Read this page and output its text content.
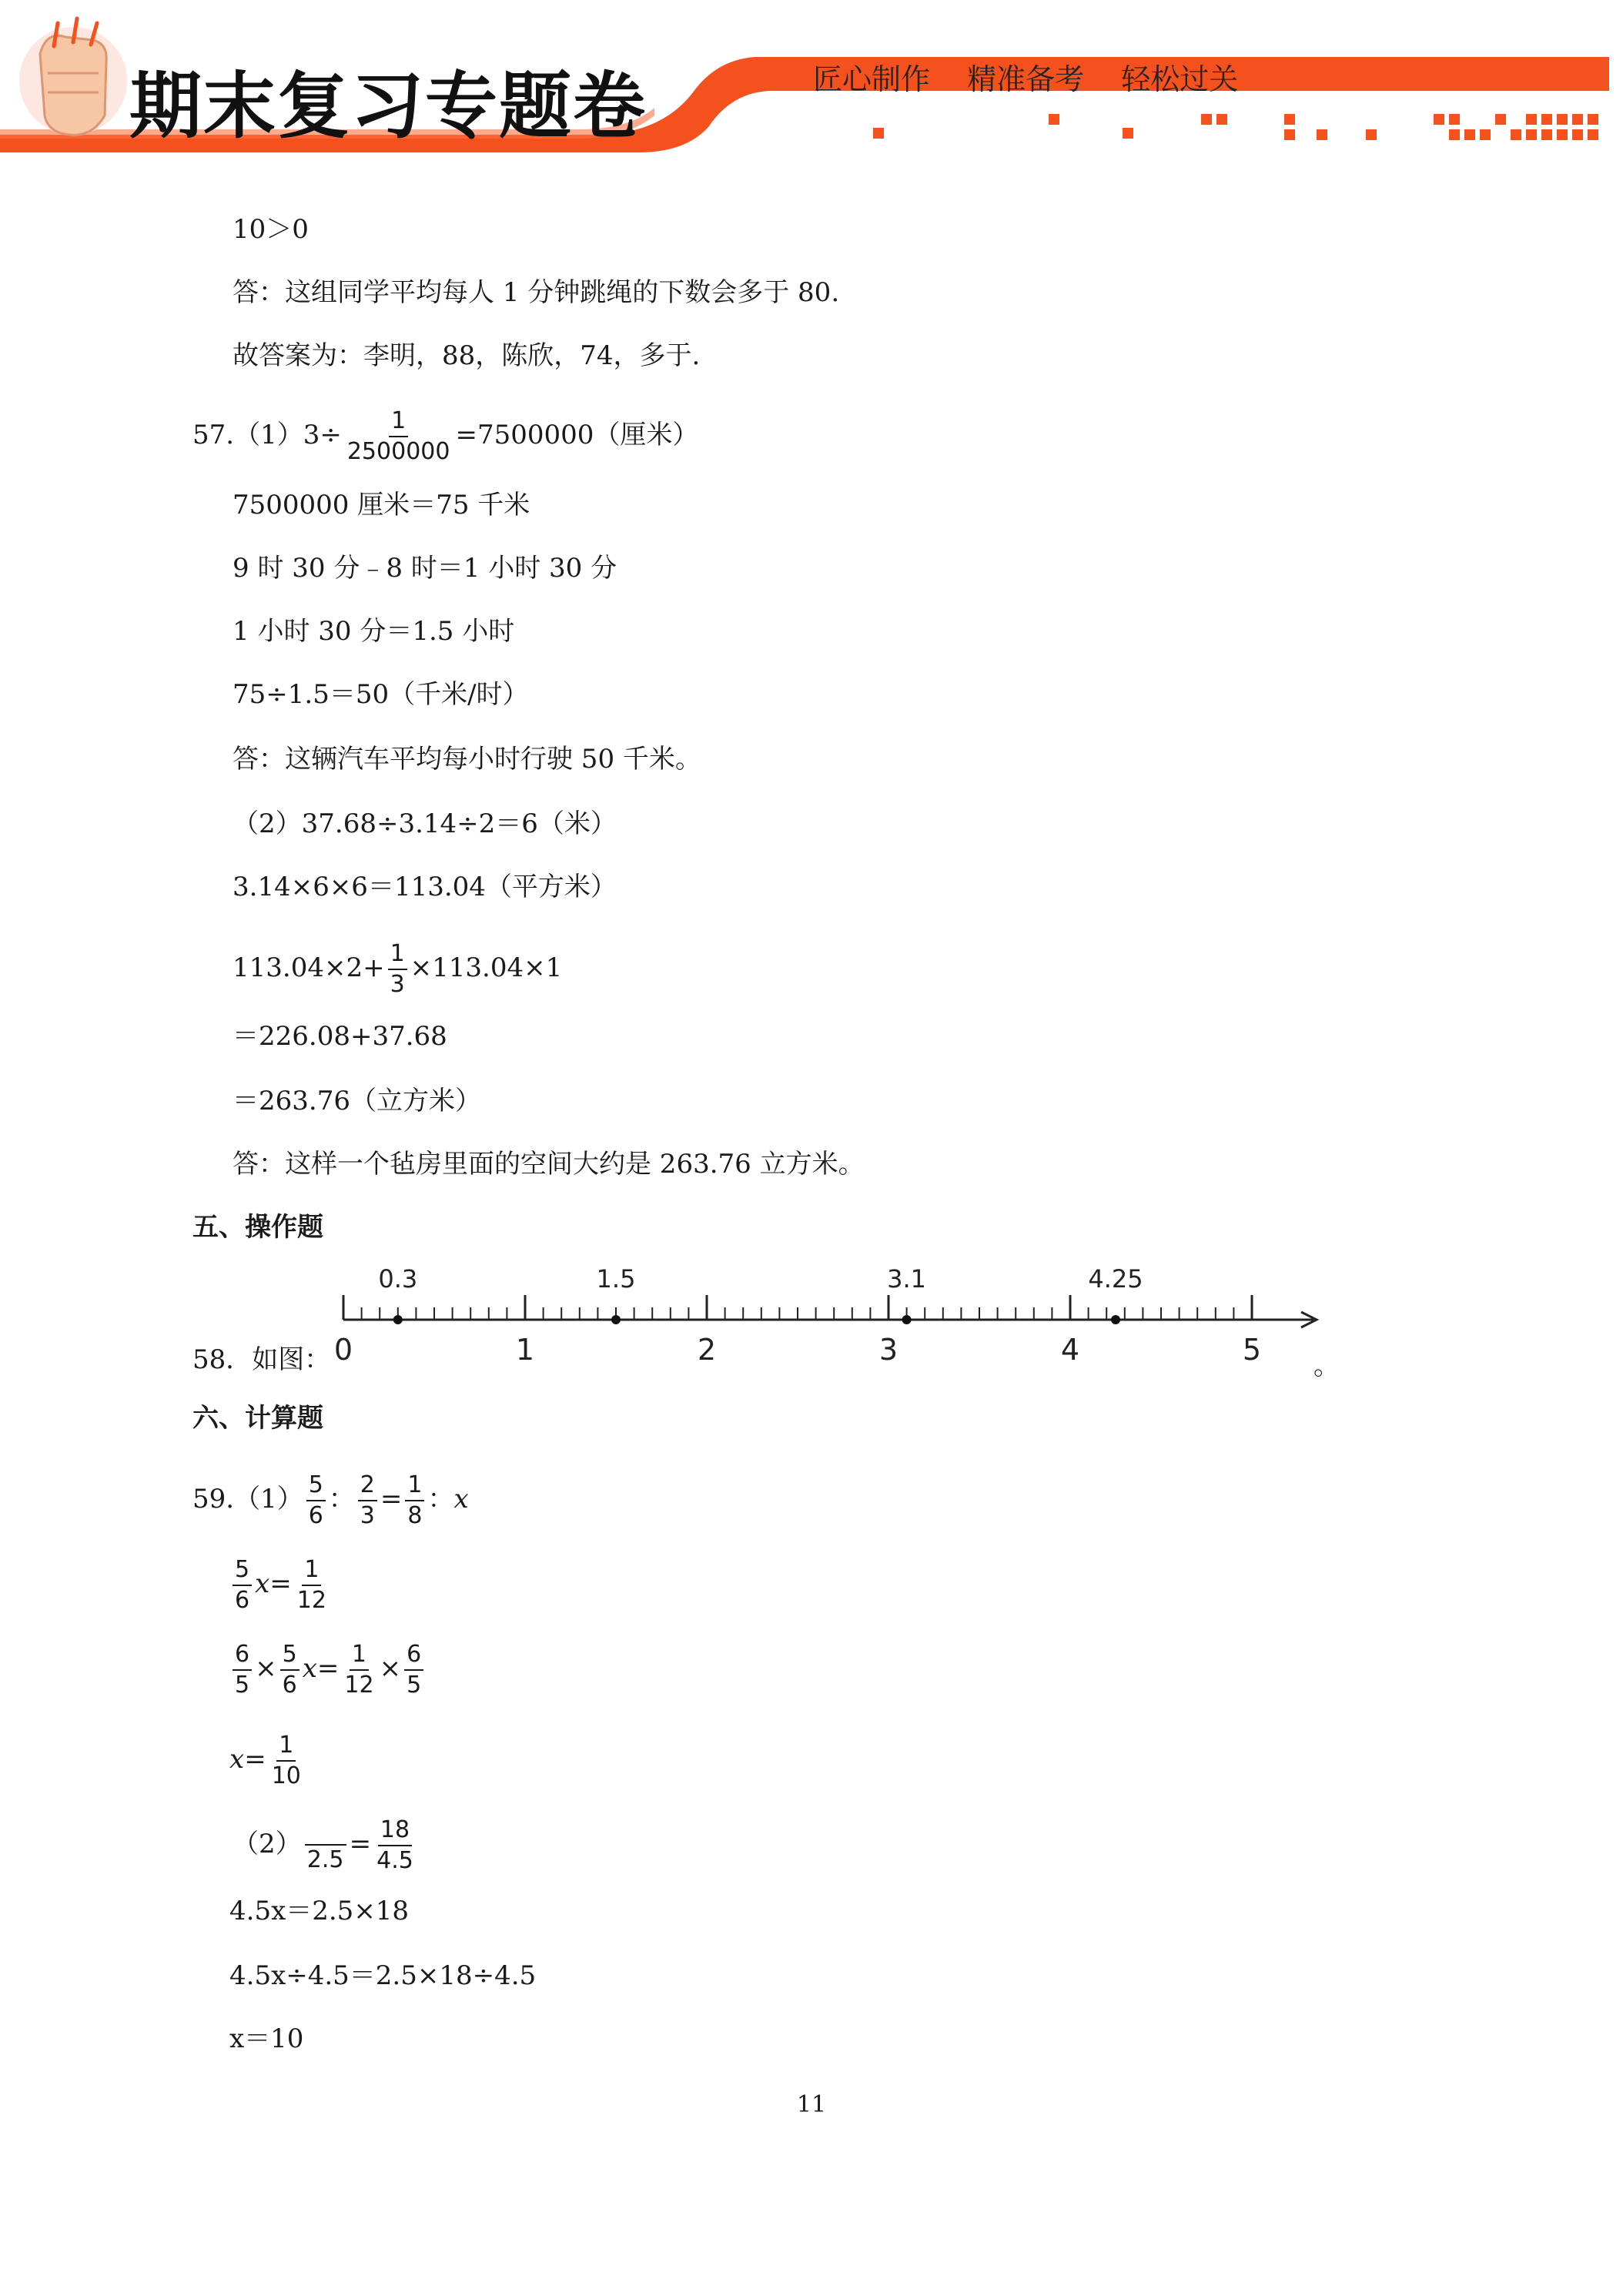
期末复习专题卷	匠心制作 精准备考 轻松过关
10＞0
答：这组同学平均每人 1 分钟跳绳的下数会多于 80.
故答案为：李明，88，陈欣，74，多于.
$57.(1)3\div \frac{1}{2500000} =7500000$（厘米）
7500000 厘米＝75 千米
9 时 30 分﹣8 时＝1 小时 30 分
1 小时 30 分＝1.5 小时
75÷1.5＝50（千米/时）
答：这辆汽车平均每小时行驶 50 千米。
（2）37.68÷3.14÷2＝6（米）
3.14×6×6＝113.04（平方米）
$113.04\times 2+ \frac{1}{3} \times 113.04\times 1$
＝226.08+37.68
＝263.76（立方米）
答：这样一个毡房里面的空间大约是 263.76 立方米。
五、操作题
58．如图： 0	1	2	3	4	5
0.3	1.5	3.1	4.25
。
六、计算题
$59.(1) \frac{5}{6}$ ： $\frac{2}{3} = \frac{1}{8}$ ：x
$\frac{5}{6} x= \frac{1}{12}$
$\frac{6}{5} \times \frac{5}{6} x= \frac{1}{12} \times \frac{6}{5}$
$x= \frac{1}{10}$
（2）
2.5
= $\frac{18}{4.5}$
4.5x＝2.5×18
4.5x÷4.5＝2.5×18÷4.5
x＝10
11
